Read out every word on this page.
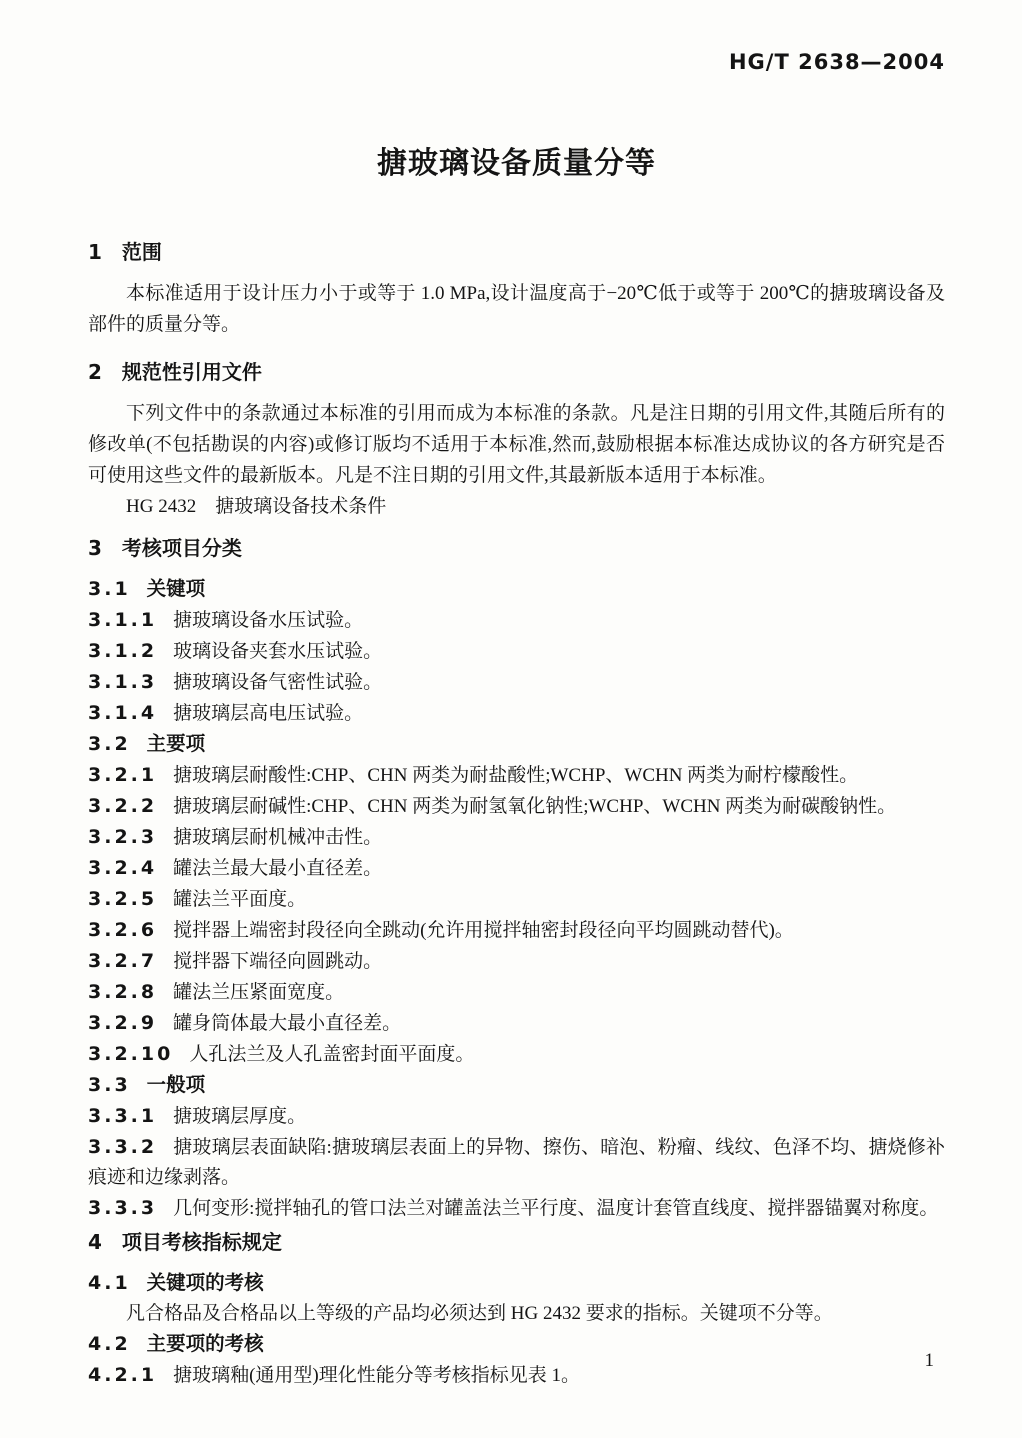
HG/T 2638—2004
搪玻璃设备质量分等
1 范围

本标准适用于设计压力小于或等于 1.0 MPa,设计温度高于−20℃低于或等于 200℃的搪玻璃设备及部件的质量分等。

2 规范性引用文件

下列文件中的条款通过本标准的引用而成为本标准的条款。凡是注日期的引用文件,其随后所有的修改单(不包括勘误的内容)或修订版均不适用于本标准,然而,鼓励根据本标准达成协议的各方研究是否可使用这些文件的最新版本。凡是不注日期的引用文件,其最新版本适用于本标准。

HG 2432　搪玻璃设备技术条件

3 考核项目分类
3.1 关键项
3.1.1 搪玻璃设备水压试验。
3.1.2 玻璃设备夹套水压试验。
3.1.3 搪玻璃设备气密性试验。
3.1.4 搪玻璃层高电压试验。
3.2 主要项
3.2.1 搪玻璃层耐酸性:CHP、CHN 两类为耐盐酸性;WCHP、WCHN 两类为耐柠檬酸性。
3.2.2 搪玻璃层耐碱性:CHP、CHN 两类为耐氢氧化钠性;WCHP、WCHN 两类为耐碳酸钠性。
3.2.3 搪玻璃层耐机械冲击性。
3.2.4 罐法兰最大最小直径差。
3.2.5 罐法兰平面度。
3.2.6 搅拌器上端密封段径向全跳动(允许用搅拌轴密封段径向平均圆跳动替代)。
3.2.7 搅拌器下端径向圆跳动。
3.2.8 罐法兰压紧面宽度。
3.2.9 罐身筒体最大最小直径差。
3.2.10 人孔法兰及人孔盖密封面平面度。
3.3 一般项
3.3.1 搪玻璃层厚度。
3.3.2 搪玻璃层表面缺陷:搪玻璃层表面上的异物、擦伤、暗泡、粉瘤、线纹、色泽不均、搪烧修补痕迹和边缘剥落。
3.3.3 几何变形:搅拌轴孔的管口法兰对罐盖法兰平行度、温度计套管直线度、搅拌器锚翼对称度。
4 项目考核指标规定
4.1 关键项的考核
凡合格品及合格品以上等级的产品均必须达到 HG 2432 要求的指标。关键项不分等。
4.2 主要项的考核
4.2.1 搪玻璃釉(通用型)理化性能分等考核指标见表 1。
1
